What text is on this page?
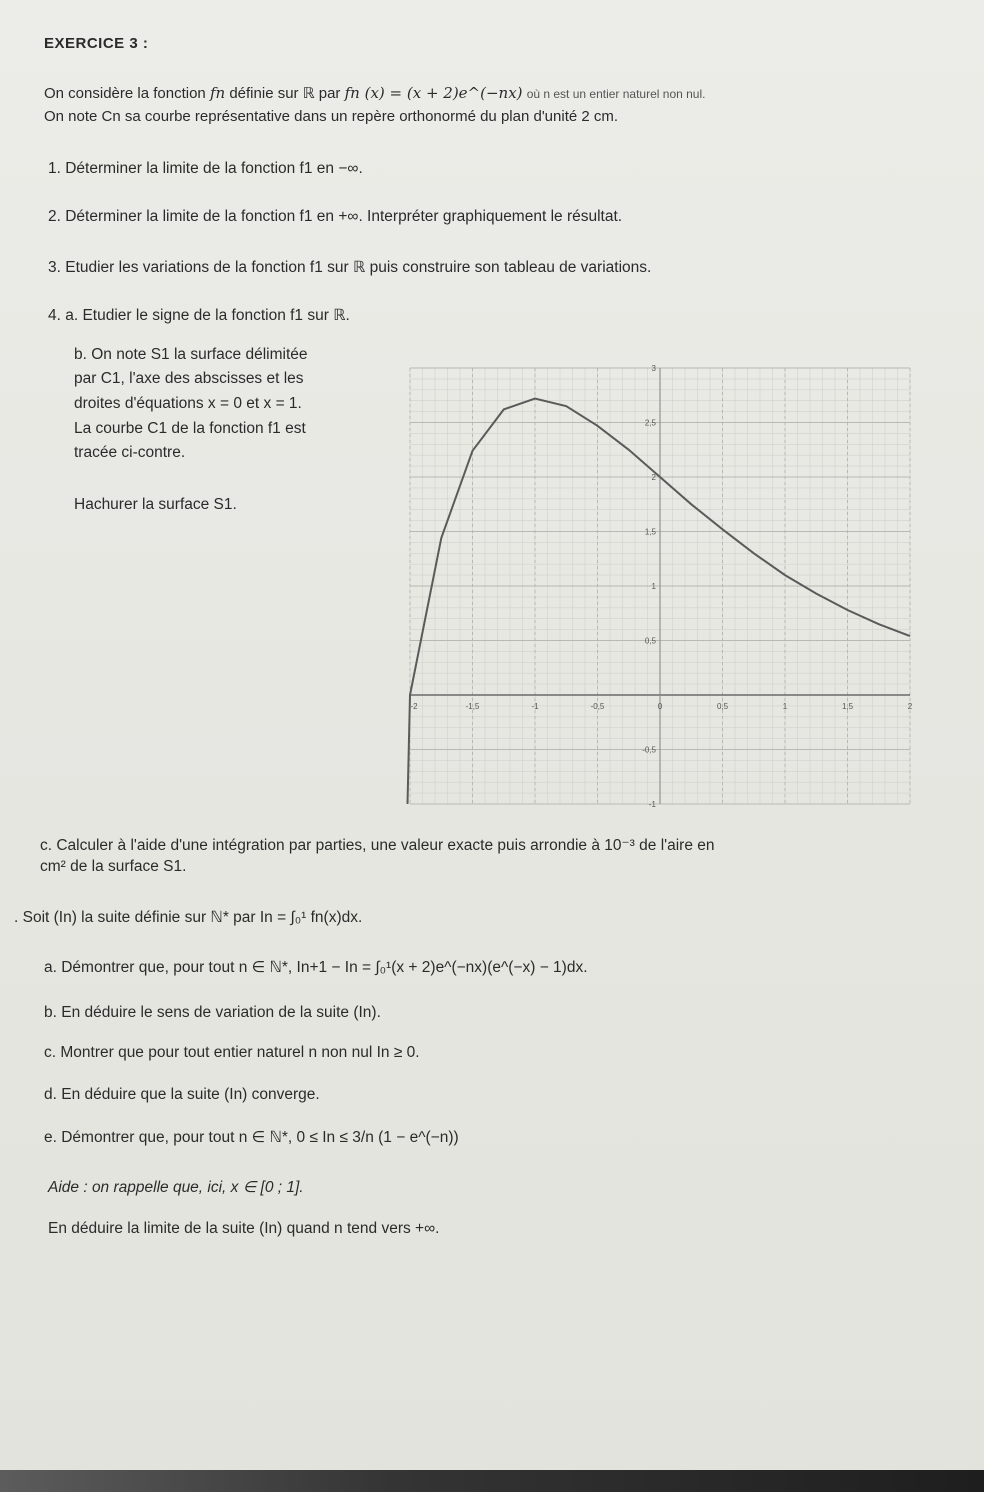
EXERCICE 3 :
On considère la fonction fn définie sur ℝ par fn (x) = (x + 2)e^(−nx) où n est un entier naturel non nul.
On note Cn sa courbe représentative dans un repère orthonormé du plan d'unité 2 cm.
1. Déterminer la limite de la fonction f1 en −∞.
2. Déterminer la limite de la fonction f1 en +∞. Interpréter graphiquement le résultat.
3. Etudier les variations de la fonction f1 sur ℝ puis construire son tableau de variations.
4. a. Etudier le signe de la fonction f1 sur ℝ.
b. On note S1 la surface délimitée
par C1, l'axe des abscisses et les
droites d'équations x = 0 et x = 1.
La courbe C1 de la fonction f1 est
tracée ci-contre.
Hachurer la surface S1.
-2	-1,5	-1	-0,5	0	0,5	1	1,5	2
3
2,5
2
1,5
1
0,5
-0,5
-1
c. Calculer à l'aide d'une intégration par parties, une valeur exacte puis arrondie à 10⁻³ de l'aire en
cm² de la surface S1.
. Soit (In) la suite définie sur ℕ* par In = ∫₀¹ fn(x)dx.
a. Démontrer que, pour tout n ∈ ℕ*, In+1 − In = ∫₀¹(x + 2)e^(−nx)(e^(−x) − 1)dx.
b. En déduire le sens de variation de la suite (In).
c. Montrer que pour tout entier naturel n non nul In ≥ 0.
d. En déduire que la suite (In) converge.
e. Démontrer que, pour tout n ∈ ℕ*, 0 ≤ In ≤ 3/n (1 − e^(−n))
Aide : on rappelle que, ici, x ∈ [0 ; 1].
En déduire la limite de la suite (In) quand n tend vers +∞.
